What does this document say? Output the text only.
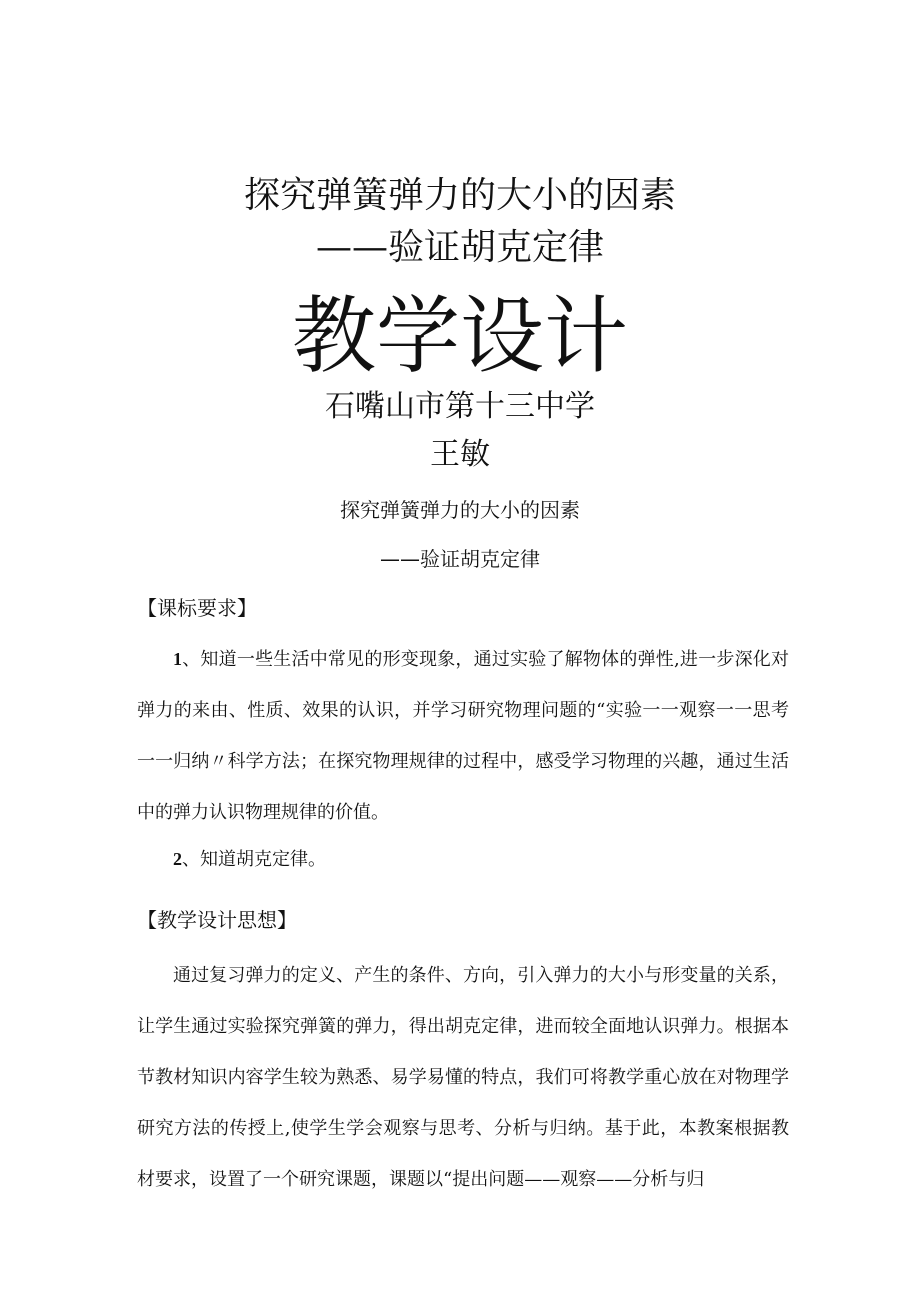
探究弹簧弹力的大小的因素
——验证胡克定律
教学设计
石嘴山市第十三中学
王敏
探究弹簧弹力的大小的因素
——验证胡克定律
【课标要求】

1、知道一些生活中常见的形变现象，通过实验了解物体的弹性,进一步深化对弹力的来由、性质、效果的认识，并学习研究物理问题的“实验一一观察一一思考一一归纳〃科学方法；在探究物理规律的过程中，感受学习物理的兴趣，通过生活中的弹力认识物理规律的价值。

2、知道胡克定律。

【教学设计思想】

通过复习弹力的定义、产生的条件、方向，引入弹力的大小与形变量的关系，让学生通过实验探究弹簧的弹力，得出胡克定律，进而较全面地认识弹力。根据本节教材知识内容学生较为熟悉、易学易懂的特点，我们可将教学重心放在对物理学研究方法的传授上,使学生学会观察与思考、分析与归纳。基于此，本教案根据教材要求，设置了一个研究课题，课题以“提出问题——观察——分析与归
